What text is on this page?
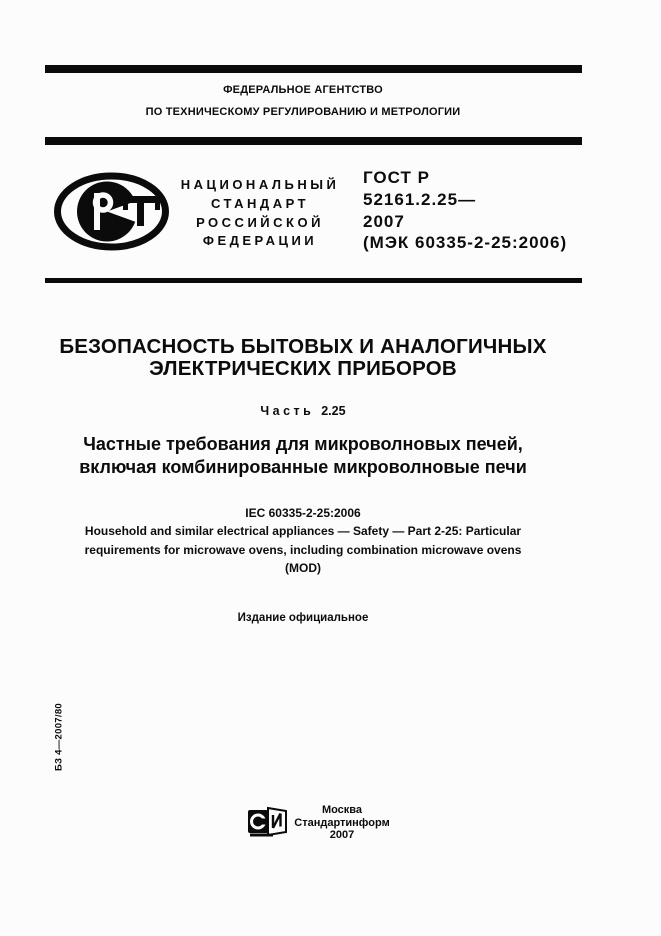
ФЕДЕРАЛЬНОЕ АГЕНТСТВО
ПО ТЕХНИЧЕСКОМУ РЕГУЛИРОВАНИЮ И МЕТРОЛОГИИ
НАЦИОНАЛЬНЫЙ
СТАНДАРТ
РОССИЙСКОЙ
ФЕДЕРАЦИИ
ГОСТ Р
52161.2.25—
2007
(МЭК 60335-2-25:2006)
БЕЗОПАСНОСТЬ БЫТОВЫХ И АНАЛОГИЧНЫХ
ЭЛЕКТРИЧЕСКИХ ПРИБОРОВ
Ч а с т ь   2.25
Частные требования для микроволновых печей,
включая комбинированные микроволновые печи
IEC 60335-2-25:2006
Household and similar electrical appliances — Safety — Part 2-25: Particular
requirements for microwave ovens, including combination microwave ovens
(MOD)
Издание официальное
БЗ 4—2007/80
Москва
Стандартинформ
2007
